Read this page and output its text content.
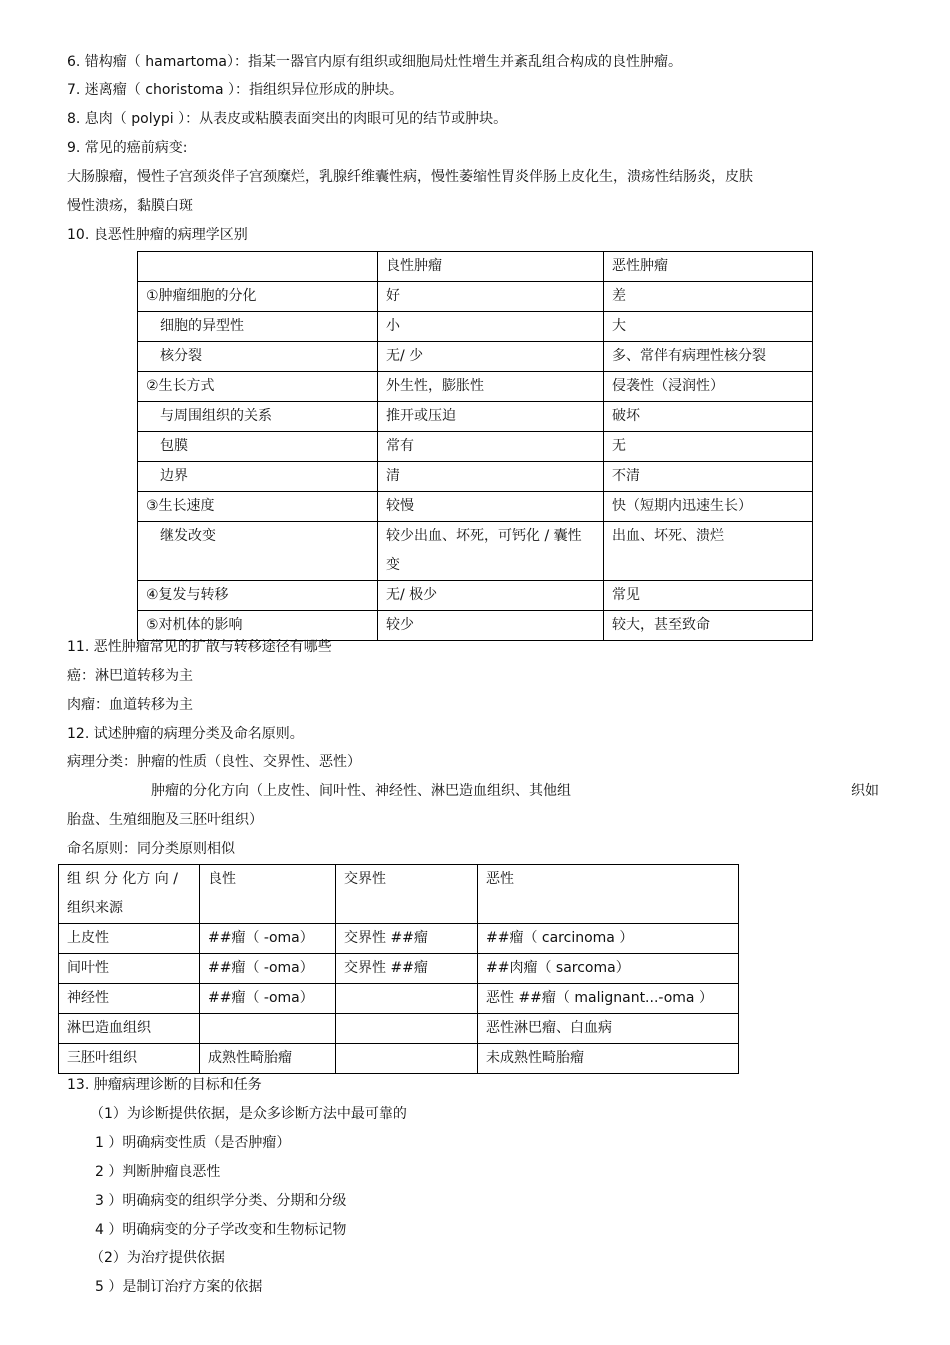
6. 错构瘤（ hamartoma）：指某一器官内原有组织或细胞局灶性增生并紊乱组合构成的良性肿瘤。
7. 迷离瘤（ choristoma ）：指组织异位形成的肿块。
8. 息肉（ polypi ）：从表皮或粘膜表面突出的肉眼可见的结节或肿块。
9. 常见的癌前病变:
大肠腺瘤，慢性子宫颈炎伴子宫颈糜烂，乳腺纤维囊性病，慢性萎缩性胃炎伴肠上皮化生，溃疡性结肠炎，皮肤
慢性溃疡，黏膜白斑
10. 良恶性肿瘤的病理学区别
	良性肿瘤	恶性肿瘤
①肿瘤细胞的分化	好	差
细胞的异型性	小	大
核分裂	无/ 少	多、常伴有病理性核分裂
②生长方式	外生性，膨胀性	侵袭性（浸润性）
与周围组织的关系	推开或压迫	破坏
包膜	常有	无
边界	清	不清
③生长速度	较慢	快（短期内迅速生长）
继发改变	较少出血、坏死，可钙化 / 囊性变	出血、坏死、溃烂
④复发与转移	无/ 极少	常见
⑤对机体的影响	较少	较大，甚至致命
11. 恶性肿瘤常见的扩散与转移途径有哪些
癌：淋巴道转移为主
肉瘤：血道转移为主
12. 试述肿瘤的病理分类及命名原则。
病理分类：肿瘤的性质（良性、交界性、恶性）
肿瘤的分化方向（上皮性、间叶性、神经性、淋巴造血组织、其他组	织如
胎盘、生殖细胞及三胚叶组织）
命名原则：同分类原则相似
组 织 分 化方 向 / 组织来源	良性	交界性	恶性
上皮性	##瘤（ -oma）	交界性 ##瘤	##瘤（ carcinoma ）
间叶性	##瘤（ -oma）	交界性 ##瘤	##肉瘤（ sarcoma）
神经性	##瘤（ -oma）		恶性 ##瘤（ malignant...-oma ）
淋巴造血组织			恶性淋巴瘤、白血病
三胚叶组织	成熟性畸胎瘤		未成熟性畸胎瘤
13. 肿瘤病理诊断的目标和任务
（1）为诊断提供依据，是众多诊断方法中最可靠的
1 ）明确病变性质（是否肿瘤）
2 ）判断肿瘤良恶性
3 ）明确病变的组织学分类、分期和分级
4 ）明确病变的分子学改变和生物标记物
（2）为治疗提供依据
5 ）是制订治疗方案的依据
